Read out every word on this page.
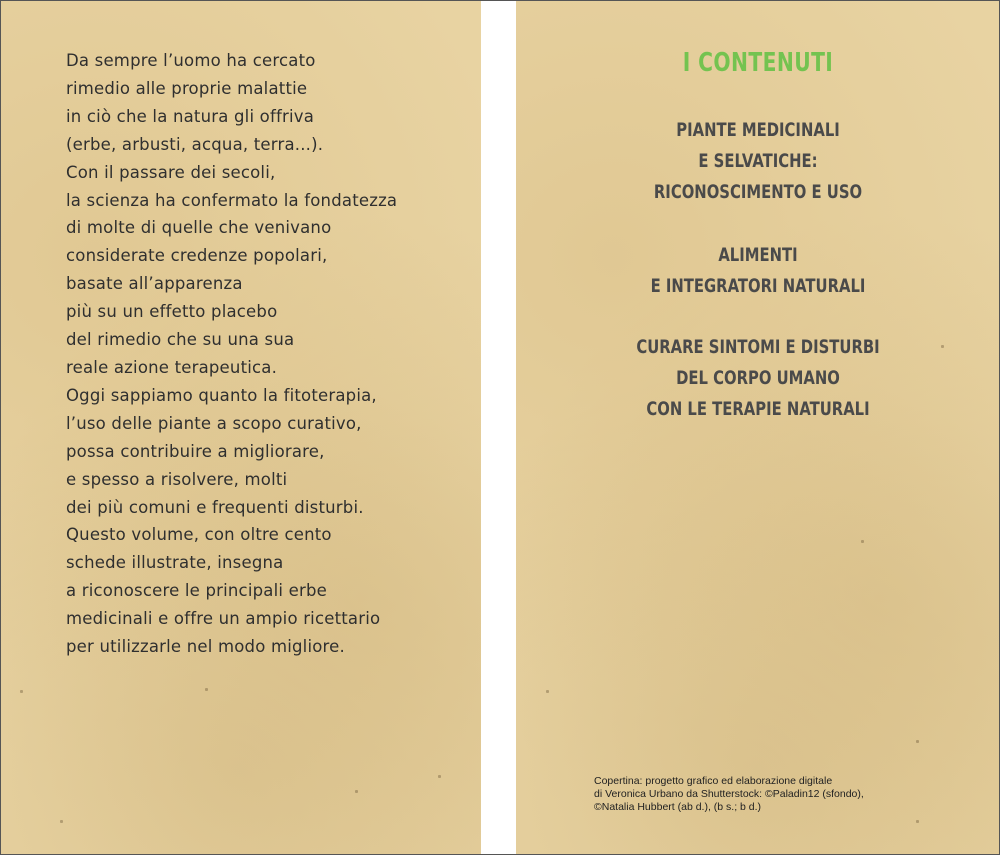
Da sempre l’uomo ha cercato
rimedio alle proprie malattie
in ciò che la natura gli offriva
(erbe, arbusti, acqua, terra...).
Con il passare dei secoli,
la scienza ha confermato la fondatezza
di molte di quelle che venivano
considerate credenze popolari,
basate all’apparenza
più su un effetto placebo
del rimedio che su una sua
reale azione terapeutica.
Oggi sappiamo quanto la fitoterapia,
l’uso delle piante a scopo curativo,
possa contribuire a migliorare,
e spesso a risolvere, molti
dei più comuni e frequenti disturbi.
Questo volume, con oltre cento
schede illustrate, insegna
a riconoscere le principali erbe
medicinali e offre un ampio ricettario
per utilizzarle nel modo migliore.
I CONTENUTI
PIANTE MEDICINALI
E SELVATICHE:
RICONOSCIMENTO E USO
ALIMENTI
E INTEGRATORI NATURALI
CURARE SINTOMI E DISTURBI
DEL CORPO UMANO
CON LE TERAPIE NATURALI
Copertina: progetto grafico ed elaborazione digitale
di Veronica Urbano da Shutterstock: ©Paladin12 (sfondo),
©Natalia Hubbert (ab d.), (b s.; b d.)
